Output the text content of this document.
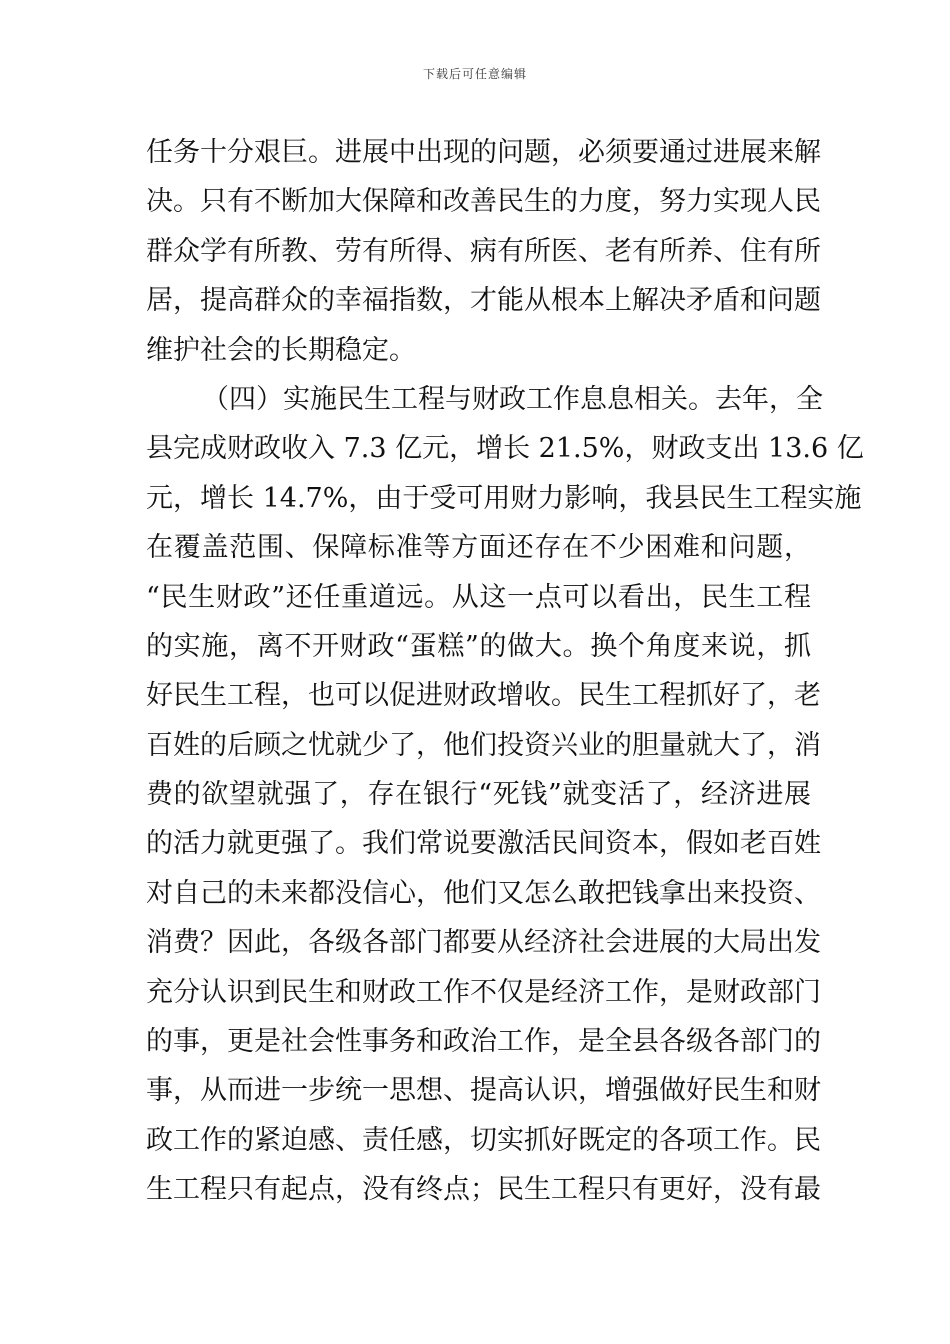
下载后可任意编辑
任务十分艰巨。进展中出现的问题，必须要通过进展来解
决。只有不断加大保障和改善民生的力度，努力实现人民
群众学有所教、劳有所得、病有所医、老有所养、住有所
居，提高群众的幸福指数，才能从根本上解决矛盾和问题
维护社会的长期稳定。
（四）实施民生工程与财政工作息息相关。去年，全
县完成财政收入 7.3 亿元，增长 21.5%，财政支出 13.6 亿
元，增长 14.7%，由于受可用财力影响，我县民生工程实施
在覆盖范围、保障标准等方面还存在不少困难和问题，
“民生财政”还任重道远。从这一点可以看出，民生工程
的实施，离不开财政“蛋糕”的做大。换个角度来说，抓
好民生工程，也可以促进财政增收。民生工程抓好了，老
百姓的后顾之忧就少了，他们投资兴业的胆量就大了，消
费的欲望就强了，存在银行“死钱”就变活了，经济进展
的活力就更强了。我们常说要激活民间资本，假如老百姓
对自己的未来都没信心，他们又怎么敢把钱拿出来投资、
消费？因此，各级各部门都要从经济社会进展的大局出发
充分认识到民生和财政工作不仅是经济工作，是财政部门
的事，更是社会性事务和政治工作，是全县各级各部门的
事，从而进一步统一思想、提高认识，增强做好民生和财
政工作的紧迫感、责任感，切实抓好既定的各项工作。民
生工程只有起点，没有终点；民生工程只有更好，没有最
